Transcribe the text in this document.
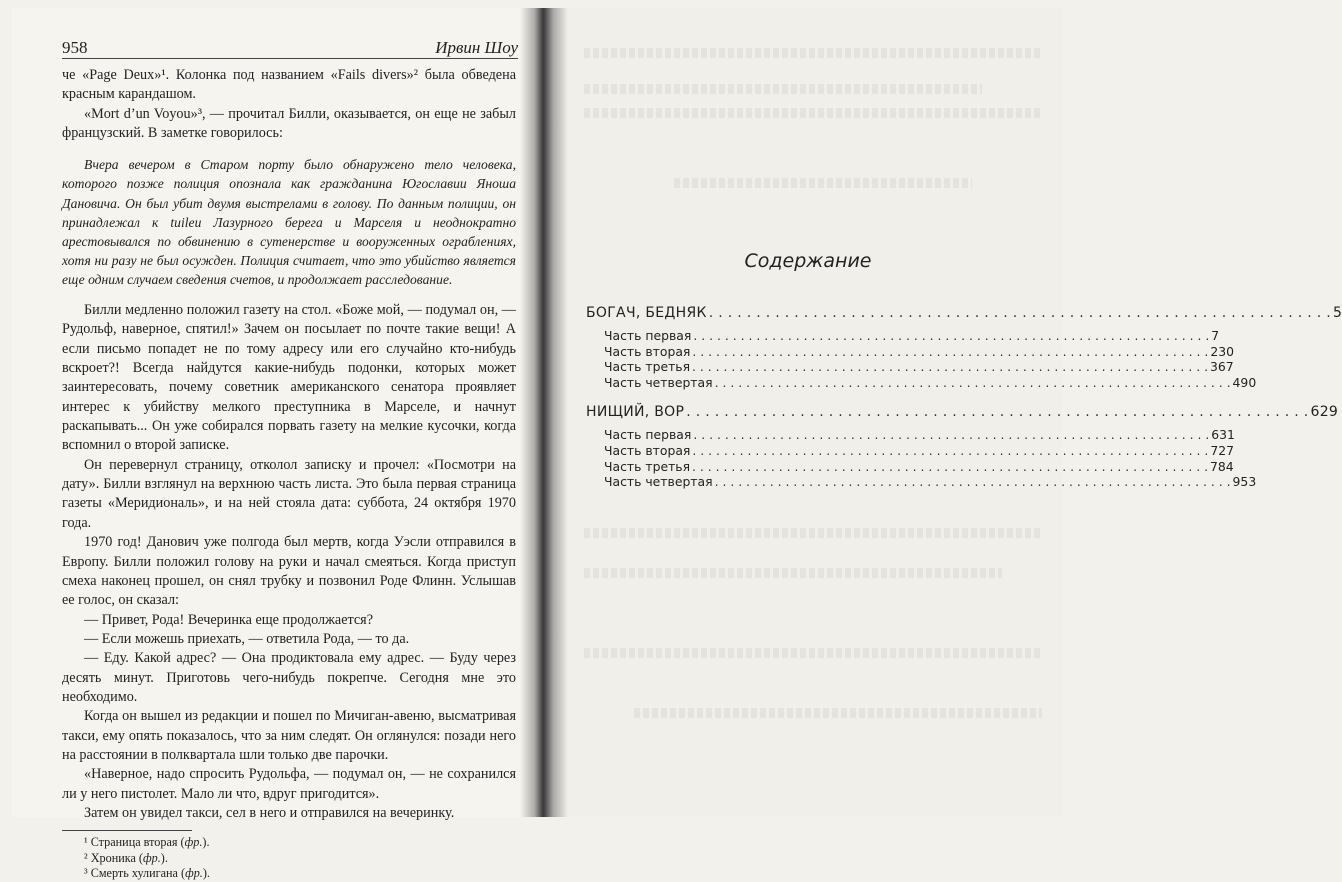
958	Ирвин Шоу

че «Page Deux»¹. Колонка под названием «Fails divers»² была обведена красным карандашом.

«Mort d’un Voyou»³, — прочитал Билли, оказывается, он еще не забыл французский. В заметке говорилось:

Вчера вечером в Старом порту было обнаружено тело человека, которого позже полиция опознала как гражданина Югославии Яноша Дановича. Он был убит двумя выстрелами в голову. По данным полиции, он принадлежал к tuileu Лазурного берега и Марселя и неоднократно арестовывался по обвинению в сутенерстве и вооруженных ограблениях, хотя ни разу не был осужден. Полиция считает, что это убийство является еще одним случаем сведения счетов, и продолжает расследование.

Билли медленно положил газету на стол. «Боже мой, — подумал он, — Рудольф, наверное, спятил!» Зачем он посылает по почте такие вещи! А если письмо попадет не по тому адресу или его случайно кто-нибудь вскроет?! Всегда найдутся какие-нибудь подонки, которых может заинтересовать, почему советник американского сенатора проявляет интерес к убийству мелкого преступника в Марселе, и начнут раскапывать... Он уже собирался порвать газету на мелкие кусочки, когда вспомнил о второй записке.

Он перевернул страницу, отколол записку и прочел: «Посмотри на дату». Билли взглянул на верхнюю часть листа. Это была первая страница газеты «Меридиональ», и на ней стояла дата: суббота, 24 октября 1970 года.

1970 год! Данович уже полгода был мертв, когда Уэсли отправился в Европу. Билли положил голову на руки и начал смеяться. Когда приступ смеха наконец прошел, он снял трубку и позвонил Роде Флинн. Услышав ее голос, он сказал:

— Привет, Рода! Вечеринка еще продолжается?

— Если можешь приехать, — ответила Рода, — то да.

— Еду. Какой адрес? — Она продиктовала ему адрес. — Буду через десять минут. Приготовь чего-нибудь покрепче. Сегодня мне это необходимо.

Когда он вышел из редакции и пошел по Мичиган-авеню, высматривая такси, ему опять показалось, что за ним следят. Он оглянулся: позади него на расстоянии в полквартала шли только две парочки.

«Наверное, надо спросить Рудольфа, — подумал он, — не сохранился ли у него пистолет. Мало ли что, вдруг пригодится».

Затем он увидел такси, сел в него и отправился на вечеринку.

¹ Страница вторая (фр.).
² Хроника (фр.).
³ Смерть хулигана (фр.).
Содержание
БОГАЧ, БЕДНЯК . . .	5
Часть первая . . .	7
Часть вторая . . .	230
Часть третья . . .	367
Часть четвертая . . .	490
НИЩИЙ, ВОР . . .	629
Часть первая . . .	631
Часть вторая . . .	727
Часть третья . . .	784
Часть четвертая . . .	953
